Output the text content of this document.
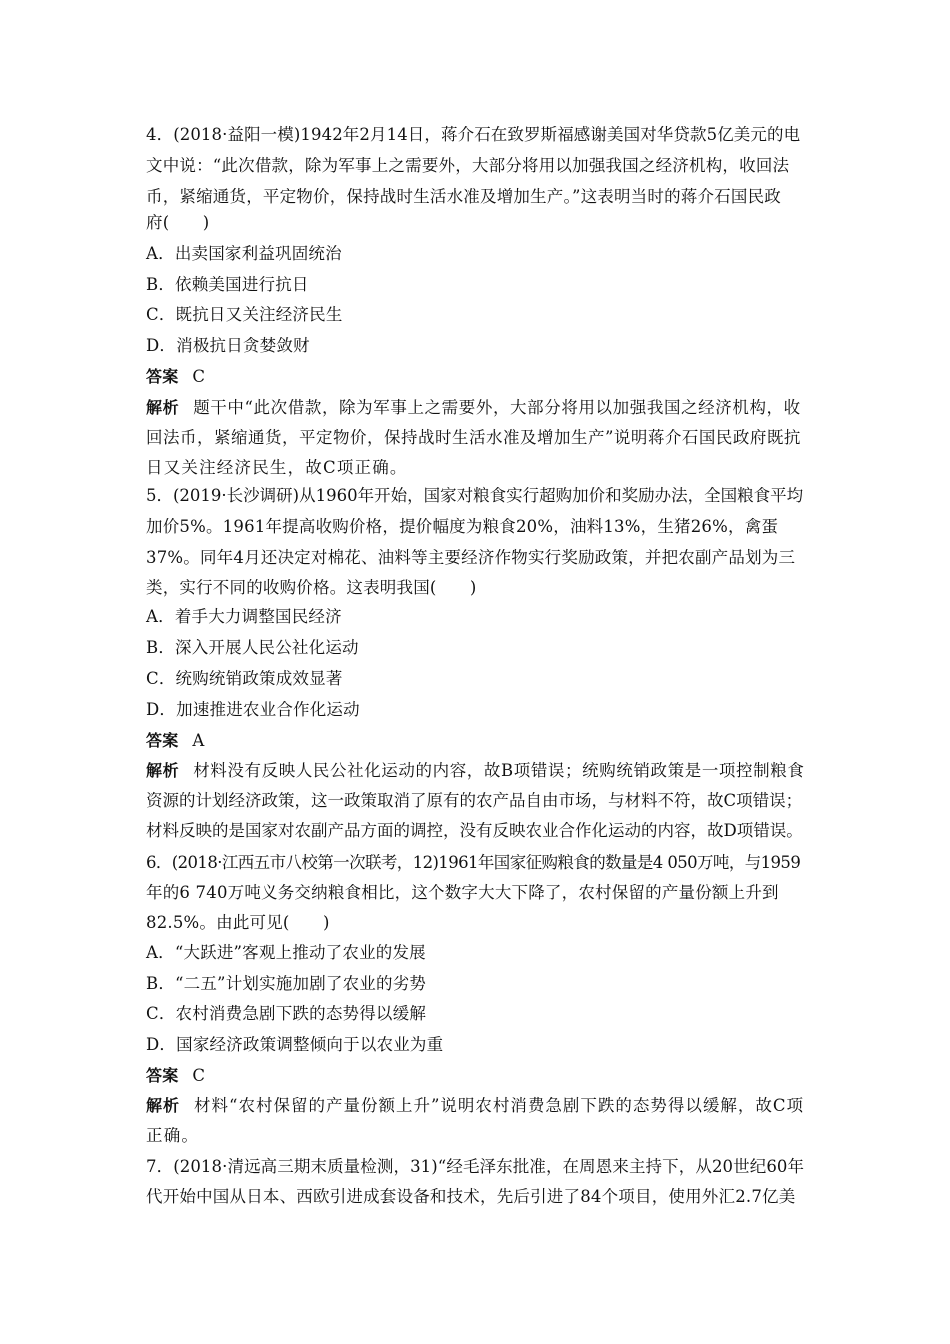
4．(2018·益阳一模)1942年2月14日，蒋介石在致罗斯福感谢美国对华贷款5亿美元的电
文中说：“此次借款，除为军事上之需要外，大部分将用以加强我国之经济机构，收回法
币，紧缩通货，平定物价，保持战时生活水准及增加生产。”这表明当时的蒋介石国民政
府(　　)
A．出卖国家利益巩固统治
B．依赖美国进行抗日
C．既抗日又关注经济民生
D．消极抗日贪婪敛财
答案 C
解析 题干中“此次借款，除为军事上之需要外，大部分将用以加强我国之经济机构，收
回法币，紧缩通货，平定物价，保持战时生活水准及增加生产”说明蒋介石国民政府既抗
日又关注经济民生，故C项正确。
5．(2019·长沙调研)从1960年开始，国家对粮食实行超购加价和奖励办法，全国粮食平均
加价5%。1961年提高收购价格，提价幅度为粮食20%，油料13%，生猪26%，禽蛋
37%。同年4月还决定对棉花、油料等主要经济作物实行奖励政策，并把农副产品划为三
类，实行不同的收购价格。这表明我国(　　)
A．着手大力调整国民经济
B．深入开展人民公社化运动
C．统购统销政策成效显著
D．加速推进农业合作化运动
答案 A
解析 材料没有反映人民公社化运动的内容，故B项错误；统购统销政策是一项控制粮食
资源的计划经济政策，这一政策取消了原有的农产品自由市场，与材料不符，故C项错误；
材料反映的是国家对农副产品方面的调控，没有反映农业合作化运动的内容，故D项错误。
6．(2018·江西五市八校第一次联考，12)1961年国家征购粮食的数量是4 050万吨，与1959
年的6 740万吨义务交纳粮食相比，这个数字大大下降了，农村保留的产量份额上升到
82.5%。由此可见(　　)
A．“大跃进”客观上推动了农业的发展
B．“二五”计划实施加剧了农业的劣势
C．农村消费急剧下跌的态势得以缓解
D．国家经济政策调整倾向于以农业为重
答案 C
解析 材料“农村保留的产量份额上升”说明农村消费急剧下跌的态势得以缓解，故C项
正确。
7．(2018·清远高三期末质量检测，31)“经毛泽东批准，在周恩来主持下，从20世纪60年
代开始中国从日本、西欧引进成套设备和技术，先后引进了84个项目，使用外汇2.7亿美
